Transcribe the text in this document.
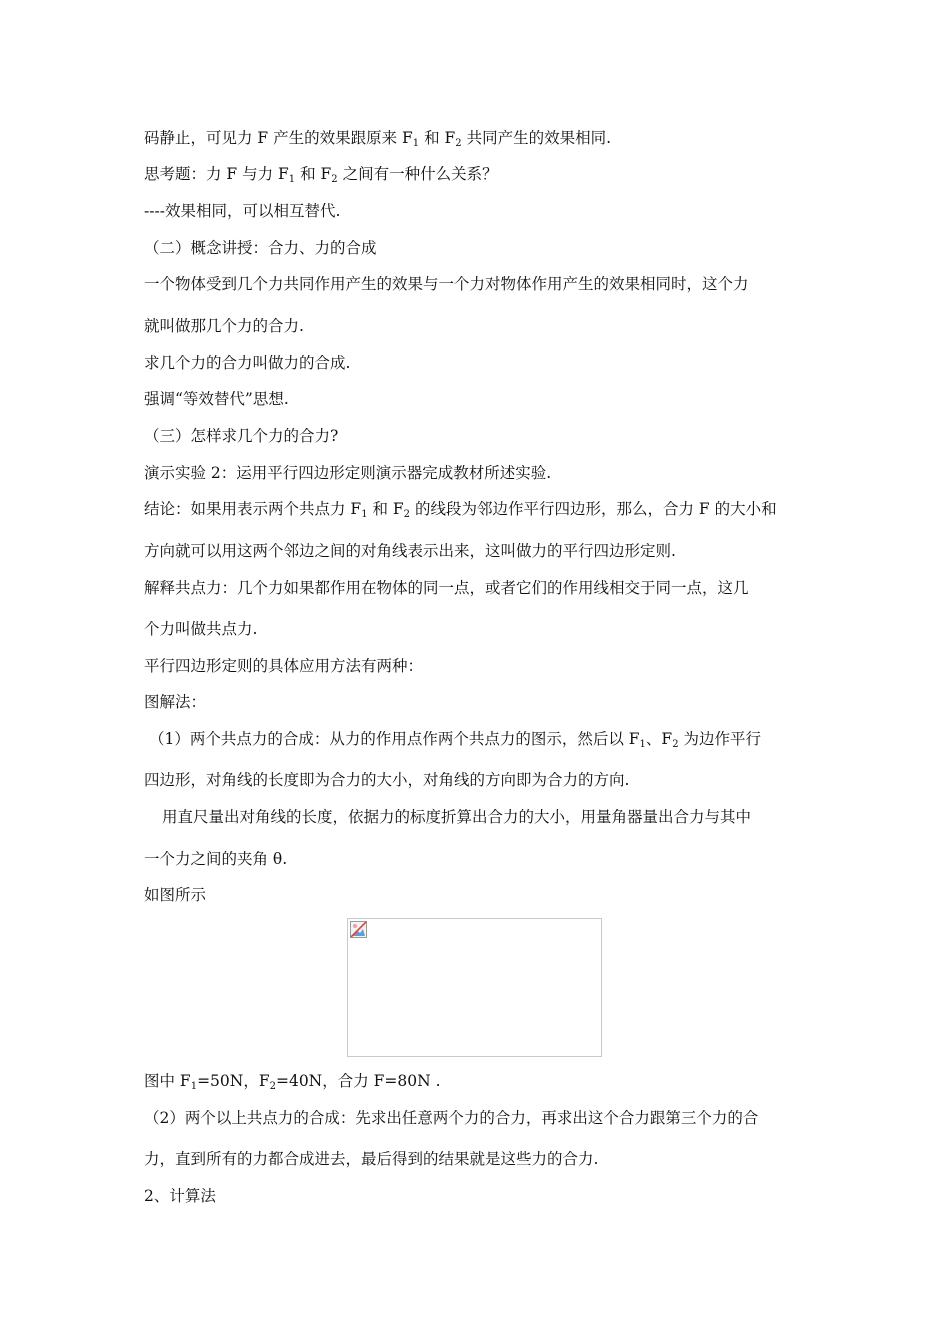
码静止，可见力 F 产生的效果跟原来 $F_1$ 和 $F_2$ 共同产生的效果相同.
思考题：力 F 与力 $F_1$ 和 $F_2$ 之间有一种什么关系？
----效果相同，可以相互替代.
（二）概念讲授：合力、力的合成
一个物体受到几个力共同作用产生的效果与一个力对物体作用产生的效果相同时，这个力
就叫做那几个力的合力.
求几个力的合力叫做力的合成.
强调“等效替代”思想.
（三）怎样求几个力的合力?
演示实验 2：运用平行四边形定则演示器完成教材所述实验.
结论：如果用表示两个共点力 $F_1$ 和 $F_2$ 的线段为邻边作平行四边形，那么，合力 F 的大小和
方向就可以用这两个邻边之间的对角线表示出来，这叫做力的平行四边形定则.
解释共点力：几个力如果都作用在物体的同一点，或者它们的作用线相交于同一点，这几
个力叫做共点力.
平行四边形定则的具体应用方法有两种：
图解法：
（1）两个共点力的合成：从力的作用点作两个共点力的图示，然后以 $F_1$、$F_2$ 为边作平行
四边形，对角线的长度即为合力的大小，对角线的方向即为合力的方向.
用直尺量出对角线的长度，依据力的标度折算出合力的大小，用量角器量出合力与其中
一个力之间的夹角 θ.
如图所示
图中 $F_1=50N$，$F_2=40N$，合力 F=80N .
（2）两个以上共点力的合成：先求出任意两个力的合力，再求出这个合力跟第三个力的合
力，直到所有的力都合成进去，最后得到的结果就是这些力的合力.
2、计算法
